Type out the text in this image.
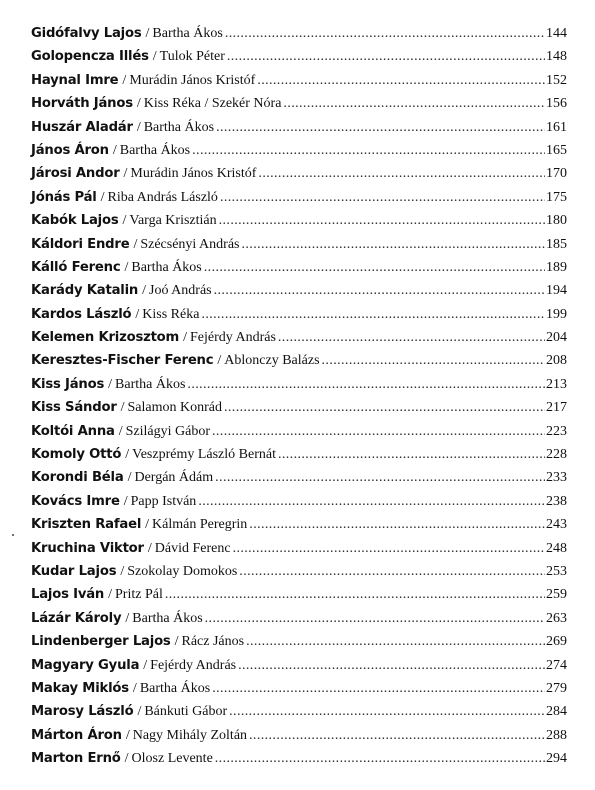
Gidófalvy Lajos / Bartha Ákos .....	144
Golopencza Illés / Tulok Péter .....	148
Haynal Imre / Murádin János Kristóf .....	152
Horváth János / Kiss Réka / Szekér Nóra .....	156
Huszár Aladár / Bartha Ákos .....	161
János Áron / Bartha Ákos .....	165
Járosi Andor / Murádin János Kristóf .....	170
Jónás Pál / Riba András László .....	175
Kabók Lajos / Varga Krisztián .....	180
Káldori Endre / Szécsényi András .....	185
Kálló Ferenc / Bartha Ákos .....	189
Karády Katalin / Joó András .....	194
Kardos László / Kiss Réka .....	199
Kelemen Krizosztom / Fejérdy András .....	204
Keresztes-Fischer Ferenc / Ablonczy Balázs .....	208
Kiss János / Bartha Ákos .....	213
Kiss Sándor / Salamon Konrád .....	217
Koltói Anna / Szilágyi Gábor .....	223
Komoly Ottó / Veszprémy László Bernát .....	228
Korondi Béla / Dergán Ádám .....	233
Kovács Imre / Papp István .....	238
Kriszten Rafael / Kálmán Peregrin .....	243
Kruchina Viktor / Dávid Ferenc .....	248
Kudar Lajos / Szokolay Domokos .....	253
Lajos Iván / Pritz Pál .....	259
Lázár Károly / Bartha Ákos .....	263
Lindenberger Lajos / Rácz János .....	269
Magyary Gyula / Fejérdy András .....	274
Makay Miklós / Bartha Ákos .....	279
Marosy László / Bánkuti Gábor .....	284
Márton Áron / Nagy Mihály Zoltán .....	288
Marton Ernő / Olosz Levente .....	294
